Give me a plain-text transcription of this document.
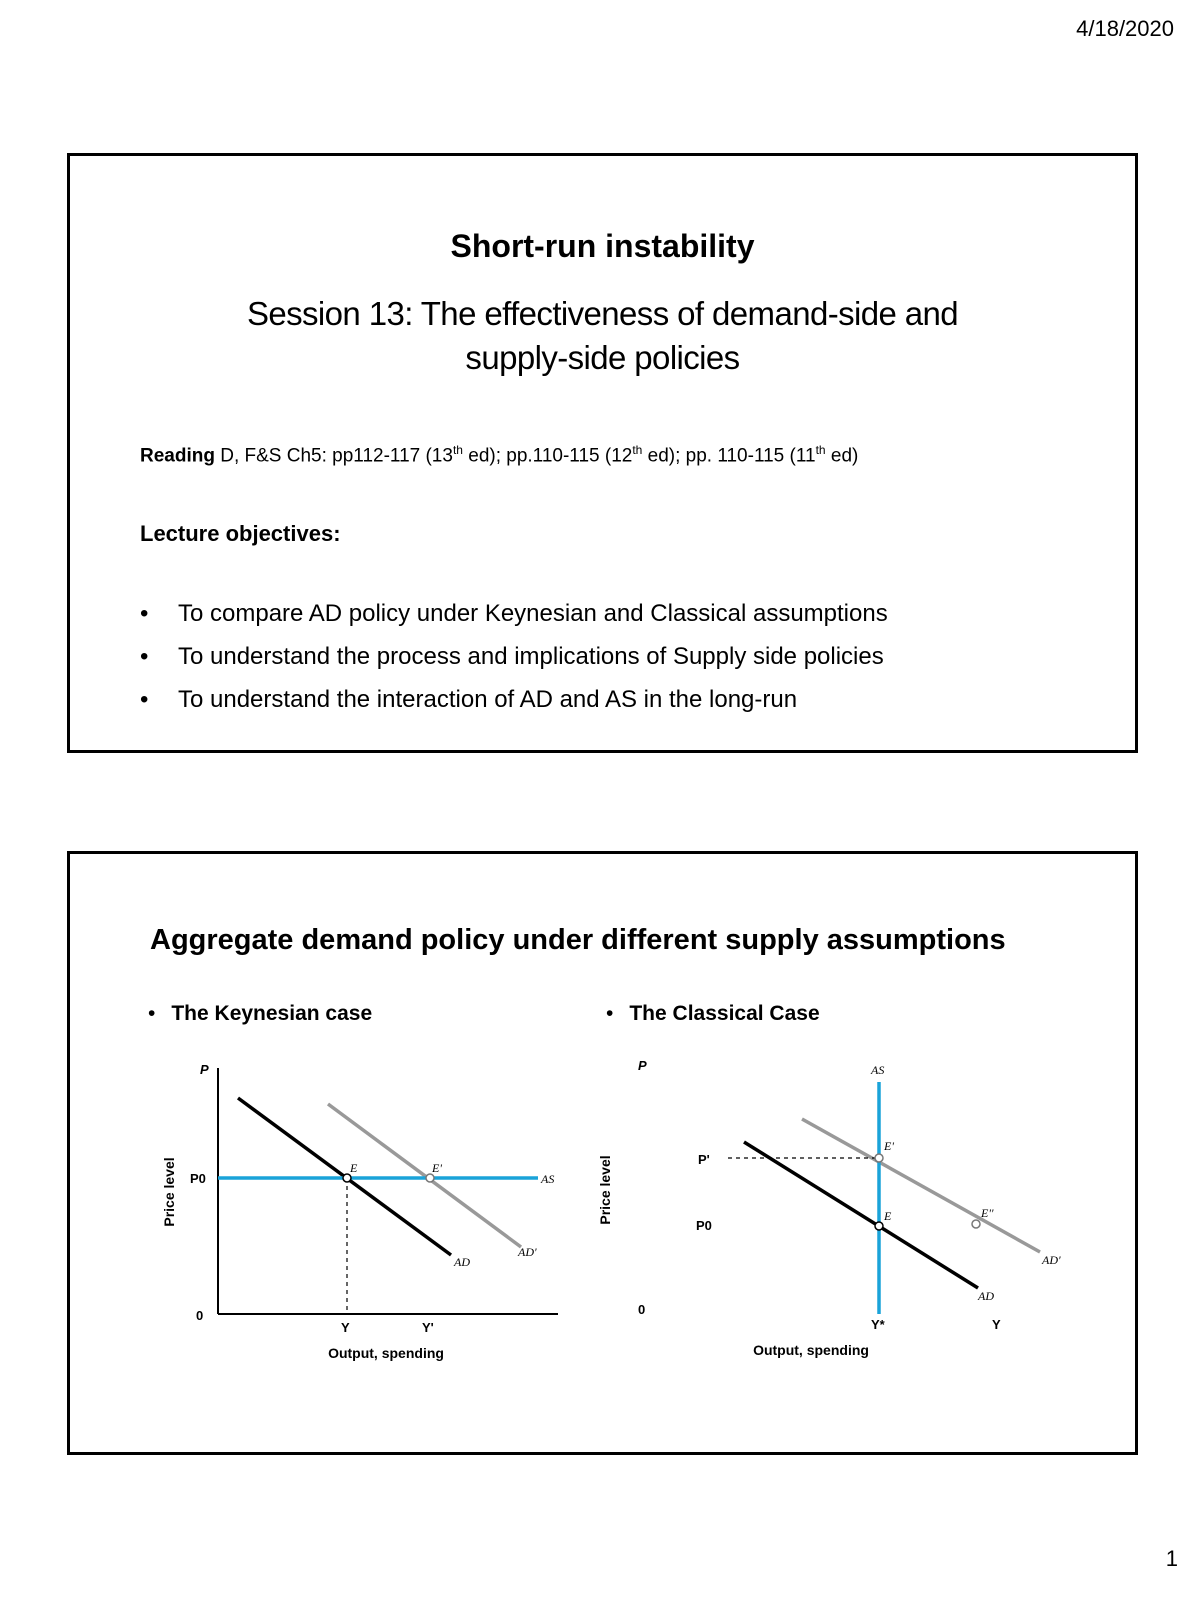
4/18/2020
Short-run instability
Session 13: The effectiveness of demand-side and
supply-side policies
Reading D, F&S Ch5: pp112-117 (13th ed); pp.110-115 (12th ed); pp. 110-115 (11th ed)
Lecture objectives:
• To compare AD policy under Keynesian and Classical assumptions
• To understand the process and implications of Supply side policies
• To understand the interaction of AD and AS in the long-run
Aggregate demand policy under different supply assumptions
• The Keynesian case	• The Classical Case
P
0
Price level
Output, spending
E	E'
AS
AD
AD'
P0
Y	Y'
P
0
Price level
Output, spending
Y
AS
E'
E	E''
AD
AD'
P'
P0
Y*
1
